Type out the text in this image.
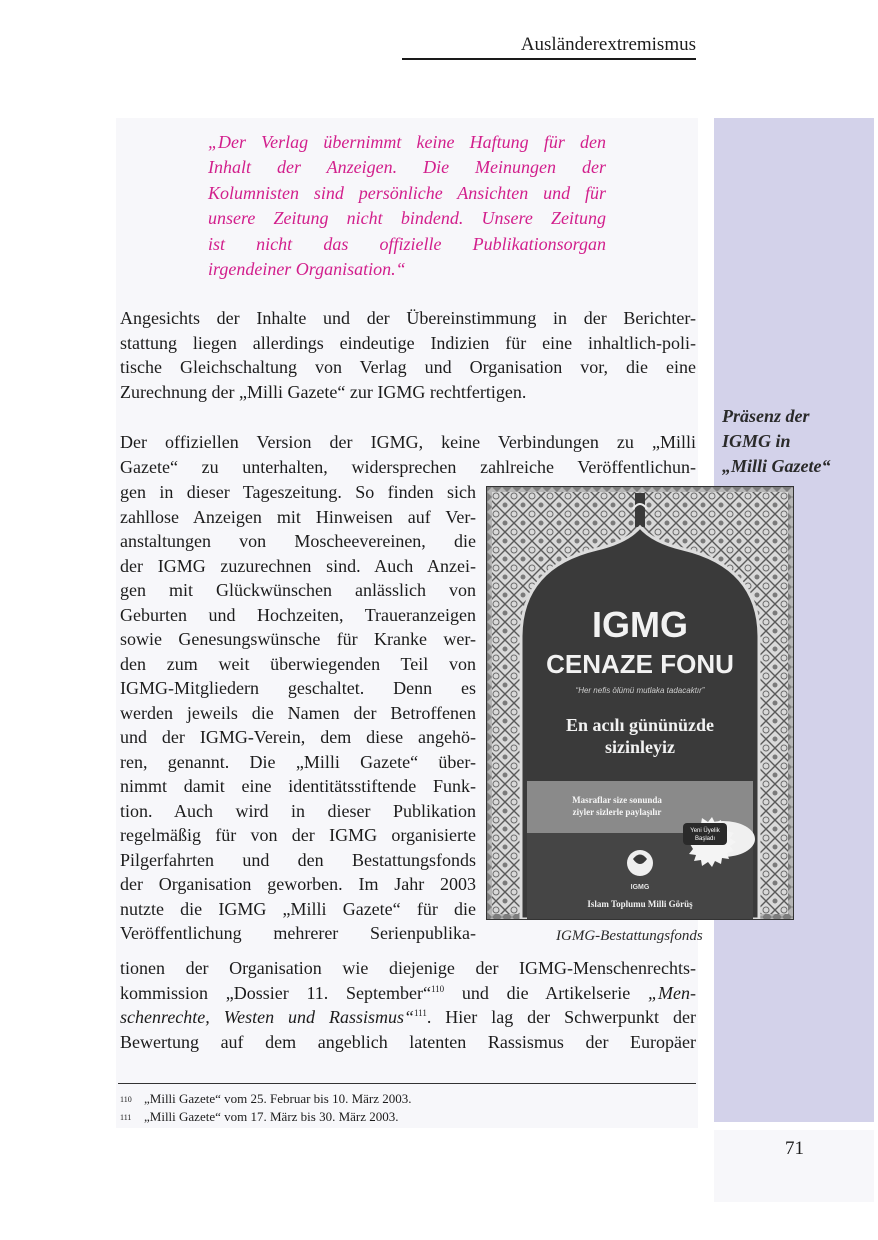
Ausländerextremismus
Präsenz der
IGMG in
„Milli Gazete“
„Der Verlag übernimmt keine Haftung für den
Inhalt der Anzeigen. Die Meinungen der
Kolumnisten sind persönliche Ansichten und für
unsere Zeitung nicht bindend. Unsere Zeitung
ist nicht das offizielle Publikationsorgan
irgendeiner Organisation.“
Angesichts der Inhalte und der Übereinstimmung in der Berichter-
stattung liegen allerdings eindeutige Indizien für eine inhaltlich-poli-
tische Gleichschaltung von Verlag und Organisation vor, die eine
Zurechnung der „Milli Gazete“ zur IGMG rechtfertigen.
Der offiziellen Version der IGMG, keine Verbindungen zu „Milli
Gazete“ zu unterhalten, widersprechen zahlreiche Veröffentlichun-
gen in dieser Tageszeitung. So finden sich
zahllose Anzeigen mit Hinweisen auf Ver-
anstaltungen von Moscheevereinen, die
der IGMG zuzurechnen sind. Auch Anzei-
gen mit Glückwünschen anlässlich von
Geburten und Hochzeiten, Traueranzeigen
sowie Genesungswünsche für Kranke wer-
den zum weit überwiegenden Teil von
IGMG-Mitgliedern geschaltet. Denn es
werden jeweils die Namen der Betroffenen
und der IGMG-Verein, dem diese angehö-
ren, genannt. Die „Milli Gazete“ über-
nimmt damit eine identitätsstiftende Funk-
tion. Auch wird in dieser Publikation
regelmäßig für von der IGMG organisierte
Pilgerfahrten und den Bestattungsfonds
der Organisation geworben. Im Jahr 2003
nutzte die IGMG „Milli Gazete“ für die
Veröffentlichung mehrerer Serienpublika-
tionen der Organisation wie diejenige der IGMG-Menschenrechts-
kommission „Dossier 11. September“$^{110}$ und die Artikelserie „Men-
schenrechte, Westen und Rassismus“$^{111}$. Hier lag der Schwerpunkt der
Bewertung auf dem angeblich latenten Rassismus der Europäer
IGMG
CENAZE FONU
“Her nefis ölümü mutlaka tadacaktır”
En acılı gününüzde
sizinleyiz
Masraflar size sonunda
ziyler sizlerle paylaşılır
Yeni Üyelik
Başladı
IGMG
Islam Toplumu Milli Görüş
IGMG-Bestattungsfonds
110 „Milli Gazete“ vom 25. Februar bis 10. März 2003.
111 „Milli Gazete“ vom 17. März bis 30. März 2003.
71
